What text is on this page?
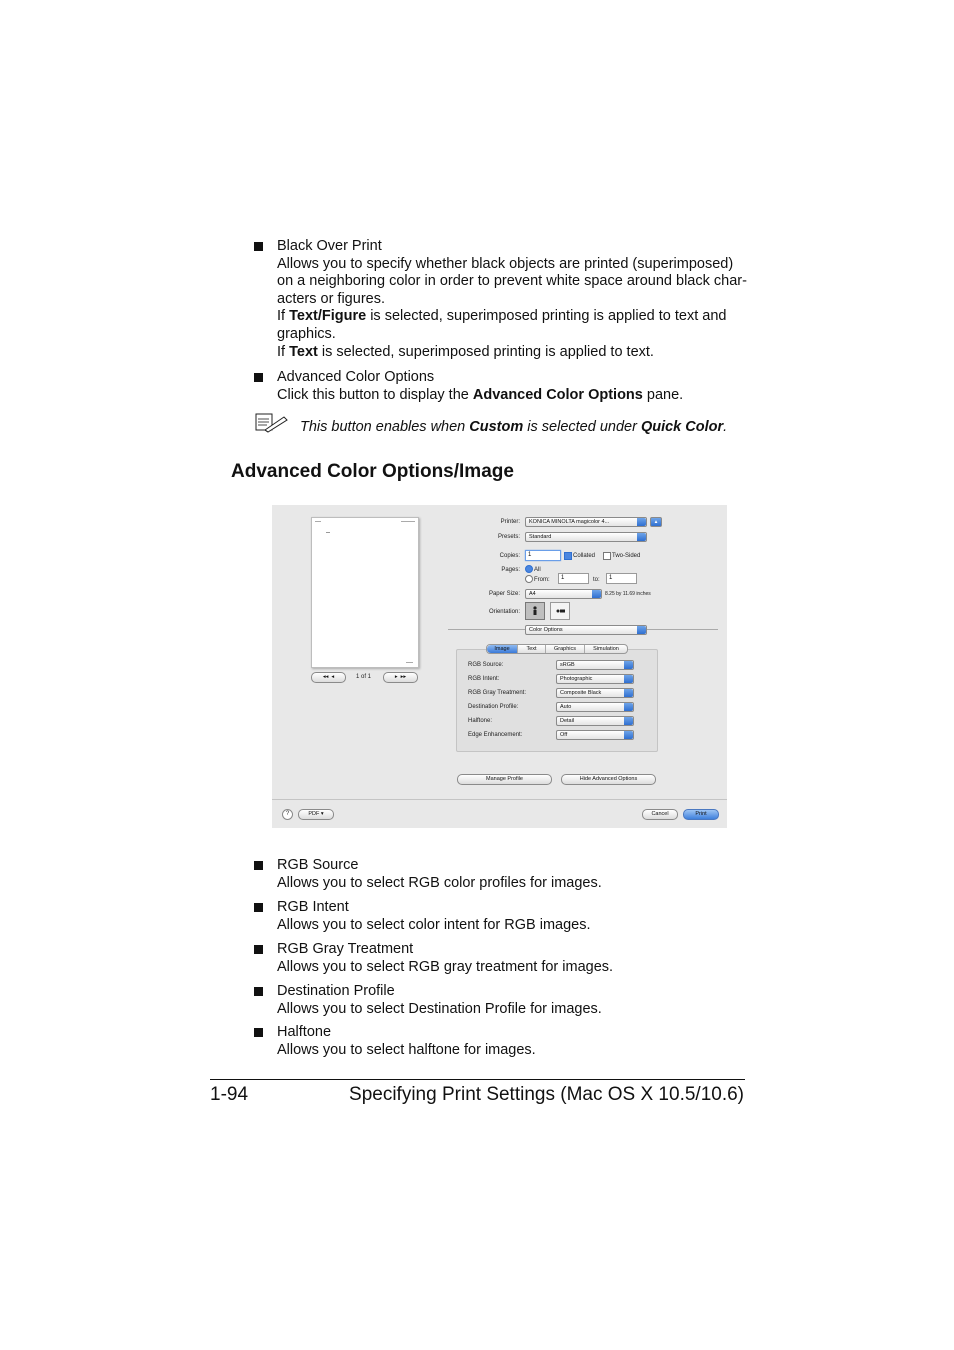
Black Over Print
Allows you to specify whether black objects are printed (superimposed)
on a neighboring color in order to prevent white space around black char-
acters or figures.
If Text/Figure is selected, superimposed printing is applied to text and
graphics.
If Text is selected, superimposed printing is applied to text.
Advanced Color Options
Click this button to display the Advanced Color Options pane.
This button enables when Custom is selected under Quick Color.
Advanced Color Options/Image
◂◂  ◂	1 of 1	▸  ▸▸
Printer:	KONICA MINOLTA magicolor 4...	▴
Presets:	Standard
Copies:	1	Collated	Two-Sided
Pages: All
From:	1	to:	1
Paper Size:	A4	8.25 by 11.69 inches
Orientation:
Color Options
Image	Text	Graphics	Simulation
RGB Source:	sRGB
RGB Intent:	Photographic
RGB Gray Treatment:	Composite Black
Destination Profile:	Auto
Halftone:	Detail
Edge Enhancement:	Off
Manage Profile	Hide Advanced Options
?	PDF ▾	Cancel	Print
RGB Source
Allows you to select RGB color profiles for images.
RGB Intent
Allows you to select color intent for RGB images.
RGB Gray Treatment
Allows you to select RGB gray treatment for images.
Destination Profile
Allows you to select Destination Profile for images.
Halftone
Allows you to select halftone for images.
1-94	Specifying Print Settings (Mac OS X 10.5/10.6)
